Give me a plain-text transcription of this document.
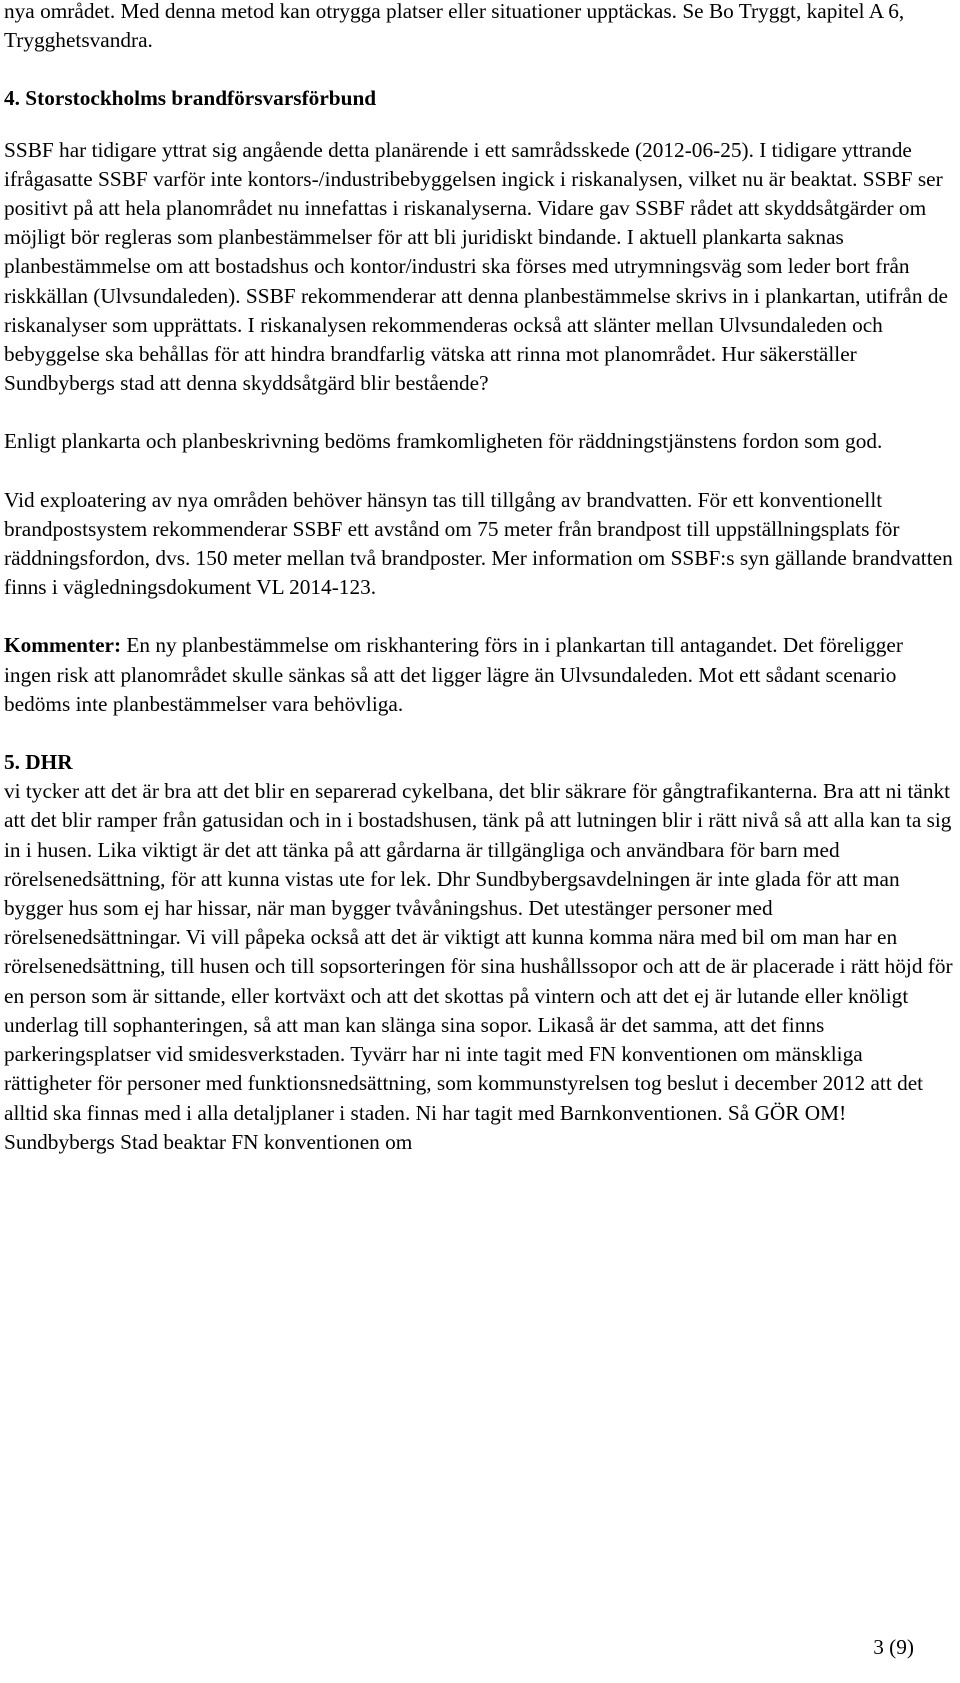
nya området. Med denna metod kan otrygga platser eller situationer upptäckas. Se Bo Tryggt, kapitel A 6, Trygghetsvandra.

4. Storstockholms brandförsvarsförbund

SSBF har tidigare yttrat sig angående detta planärende i ett samrådsskede (2012-06-25). I tidigare yttrande ifrågasatte SSBF varför inte kontors-/industribebyggelsen ingick i riskanalysen, vilket nu är beaktat. SSBF ser positivt på att hela planområdet nu innefattas i riskanalyserna. Vidare gav SSBF rådet att skyddsåtgärder om möjligt bör regleras som planbestämmelser för att bli juridiskt bindande. I aktuell plankarta saknas planbestämmelse om att bostadshus och kontor/industri ska förses med utrymningsväg som leder bort från riskkällan (Ulvsundaleden). SSBF rekommenderar att denna planbestämmelse skrivs in i plankartan, utifrån de riskanalyser som upprättats. I riskanalysen rekommenderas också att slänter mellan Ulvsundaleden och bebyggelse ska behållas för att hindra brandfarlig vätska att rinna mot planområdet. Hur säkerställer Sundbybergs stad att denna skyddsåtgärd blir bestående?

Enligt plankarta och planbeskrivning bedöms framkomligheten för räddningstjänstens fordon som god.

Vid exploatering av nya områden behöver hänsyn tas till tillgång av brandvatten. För ett konventionellt brandpostsystem rekommenderar SSBF ett avstånd om 75 meter från brandpost till uppställningsplats för räddningsfordon, dvs. 150 meter mellan två brandposter. Mer information om SSBF:s syn gällande brandvatten finns i vägledningsdokument VL 2014-123.

Kommenter: En ny planbestämmelse om riskhantering förs in i plankartan till antagandet. Det föreligger ingen risk att planområdet skulle sänkas så att det ligger lägre än Ulvsundaleden. Mot ett sådant scenario bedöms inte planbestämmelser vara behövliga.

5. DHR

vi tycker att det är bra att det blir en separerad cykelbana, det blir säkrare för gångtrafikanterna. Bra att ni tänkt att det blir ramper från gatusidan och in i bostadshusen, tänk på att lutningen blir i rätt nivå så att alla kan ta sig in i husen. Lika viktigt är det att tänka på att gårdarna är tillgängliga och användbara för barn med rörelsenedsättning, för att kunna vistas ute for lek. Dhr Sundbybergsavdelningen är inte glada för att man bygger hus som ej har hissar, när man bygger tvåvåningshus. Det utestänger personer med rörelsenedsättningar. Vi vill påpeka också att det är viktigt att kunna komma nära med bil om man har en rörelsenedsättning, till husen och till sopsorteringen för sina hushållssopor och att de är placerade i rätt höjd för en person som är sittande, eller kortväxt och att det skottas på vintern och att det ej är lutande eller knöligt underlag till sophanteringen, så att man kan slänga sina sopor. Likaså är det samma, att det finns parkeringsplatser vid smidesverkstaden. Tyvärr har ni inte tagit med FN konventionen om mänskliga rättigheter för personer med funktionsnedsättning, som kommunstyrelsen tog beslut i december 2012 att det alltid ska finnas med i alla detaljplaner i staden. Ni har tagit med Barnkonventionen. Så GÖR OM! Sundbybergs Stad beaktar FN konventionen om

3 (9)
